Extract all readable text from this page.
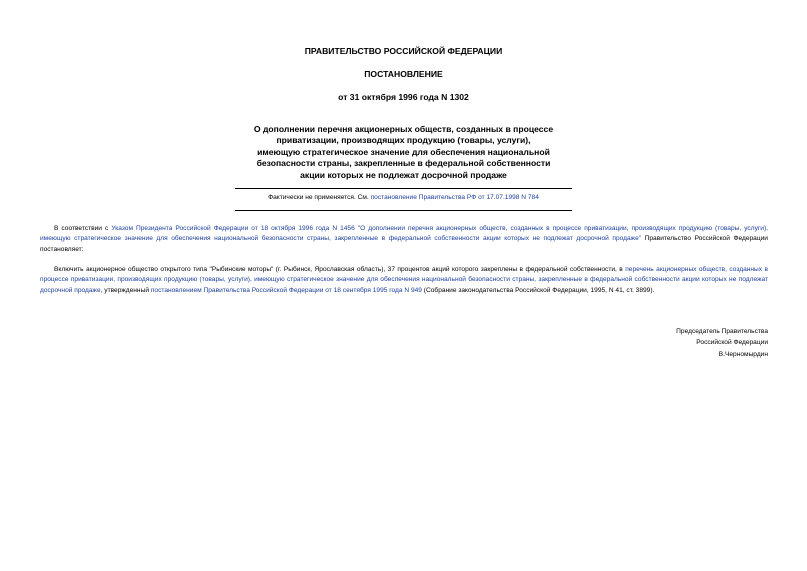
ПРАВИТЕЛЬСТВО РОССИЙСКОЙ ФЕДЕРАЦИИ
ПОСТАНОВЛЕНИЕ
от 31 октября 1996 года N 1302
О дополнении перечня акционерных обществ, созданных в процессе
приватизации, производящих продукцию (товары, услуги),
имеющую стратегическое значение для обеспечения национальной
безопасности страны, закрепленные в федеральной собственности
акции которых не подлежат досрочной продаже
Фактически не применяется. См. постановление Правительства РФ от 17.07.1998 N 784
В соответствии с Указом Президента Российской Федерации от 18 октября 1996 года N 1456 "О дополнении перечня акционерных обществ, созданных в процессе приватизации, производящих продукцию (товары, услуги), имеющую стратегическое значение для обеспечения национальной безопасности страны, закрепленные в федеральной собственности акции которых не подлежат досрочной продаже" Правительство Российской Федерации постановляет:
Включить акционерное общество открытого типа "Рыбинские моторы" (г. Рыбинск, Ярославская область), 37 процентов акций которого закреплены в федеральной собственности, в перечень акционерных обществ, созданных в процессе приватизации, производящих продукцию (товары, услуги), имеющую стратегическое значение для обеспечения национальной безопасности страны, закрепленные в федеральной собственности акции которых не подлежат досрочной продаже, утвержденный постановлением Правительства Российской Федерации от 18 сентября 1995 года N 949 (Собрание законодательства Российской Федерации, 1995, N 41, ст. 3899).
Председатель Правительства
Российской Федерации
В.Черномырдин
